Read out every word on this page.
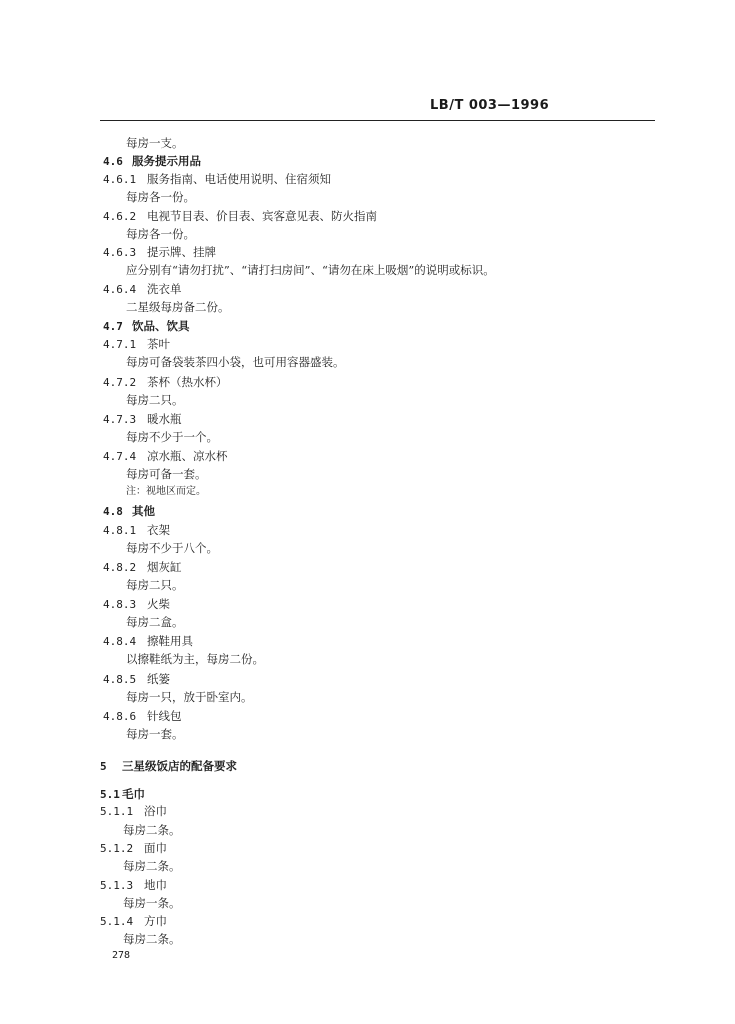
LB/T 003—1996
每房一支。
4.6 服务提示用品
4.6.1 服务指南、电话使用说明、住宿须知
每房各一份。
4.6.2 电视节目表、价目表、宾客意见表、防火指南
每房各一份。
4.6.3 提示牌、挂牌
应分别有“请勿打扰”、“请打扫房间”、“请勿在床上吸烟”的说明或标识。
4.6.4 洗衣单
二星级每房备二份。
4.7 饮品、饮具
4.7.1 茶叶
每房可备袋装茶四小袋，也可用容器盛装。
4.7.2 茶杯（热水杯）
每房二只。
4.7.3 暖水瓶
每房不少于一个。
4.7.4 凉水瓶、凉水杯
每房可备一套。
注：视地区而定。
4.8 其他
4.8.1 衣架
每房不少于八个。
4.8.2 烟灰缸
每房二只。
4.8.3 火柴
每房二盒。
4.8.4 擦鞋用具
以擦鞋纸为主，每房二份。
4.8.5 纸篓
每房一只，放于卧室内。
4.8.6 针线包
每房一套。
5 三星级饭店的配备要求
5.1 毛巾
5.1.1 浴巾
每房二条。
5.1.2 面巾
每房二条。
5.1.3 地巾
每房一条。
5.1.4 方巾
每房二条。
278
